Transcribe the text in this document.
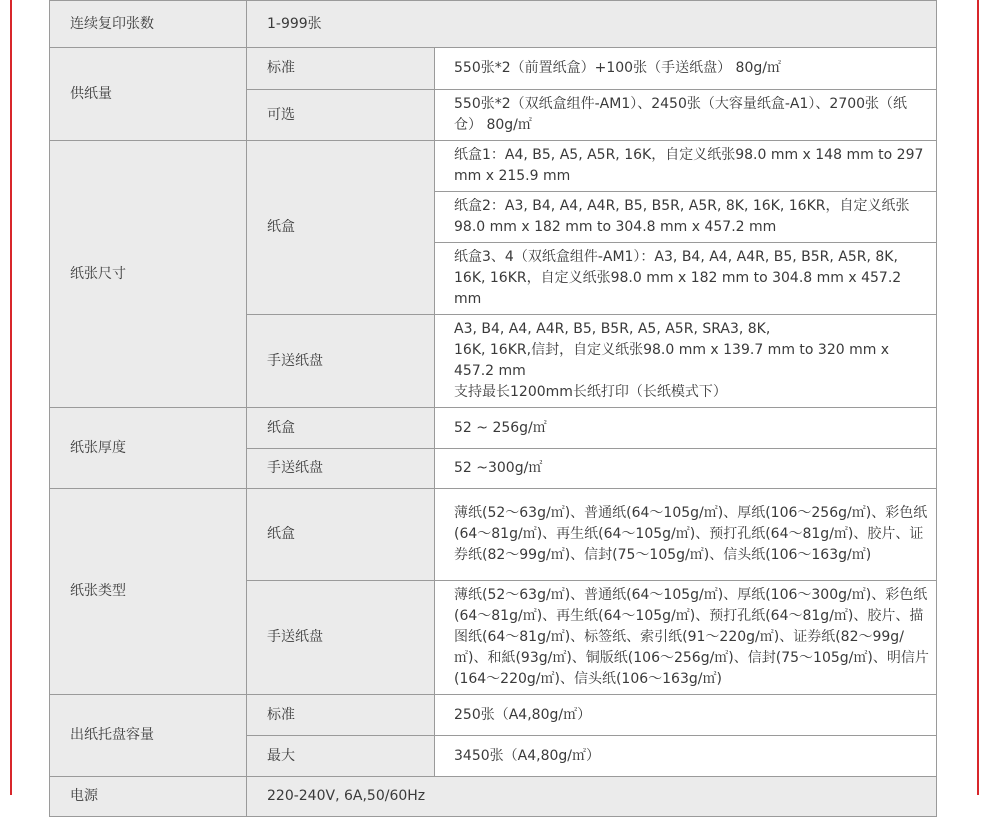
连续复印张数	1-999张	
供纸量	标准	550张*2（前置纸盒）+100张（手送纸盘） 80g/㎡
	可选	550张*2（双纸盒组件-AM1）、2450张（大容量纸盒-A1）、2700张（纸仓） 80g/㎡
纸张尺寸	纸盒	纸盒1：A4, B5, A5, A5R, 16K，自定义纸张98.0 mm x 148 mm to 297 mm x 215.9 mm
		纸盒2：A3, B4, A4, A4R, B5, B5R, A5R, 8K, 16K, 16KR，自定义纸张98.0 mm x 182 mm to 304.8 mm x 457.2 mm
		纸盒3、4（双纸盒组件-AM1）：A3, B4, A4, A4R, B5, B5R, A5R, 8K, 16K, 16KR，自定义纸张98.0 mm x 182 mm to 304.8 mm x 457.2 mm
	手送纸盘	A3, B4, A4, A4R, B5, B5R, A5, A5R, SRA3, 8K,
16K, 16KR,信封，自定义纸张98.0 mm x 139.7 mm to 320 mm x 457.2 mm
支持最长1200mm长纸打印（长纸模式下）

纸张厚度	纸盒	52 ~ 256g/㎡
	手送纸盘	52 ~300g/㎡
纸张类型	纸盒	薄纸(52～63g/㎡)、普通纸(64～105g/㎡)、厚纸(106～256g/㎡)、彩色纸(64～81g/㎡)、再生纸(64～105g/㎡)、预打孔纸(64～81g/㎡)、胶片、证券纸(82～99g/㎡)、信封(75～105g/㎡)、信头纸(106～163g/㎡)
	手送纸盘	薄纸(52～63g/㎡)、普通纸(64～105g/㎡)、厚纸(106～300g/㎡)、彩色纸(64～81g/㎡)、再生纸(64～105g/㎡)、预打孔纸(64～81g/㎡)、胶片、描图纸(64～81g/㎡)、标签纸、索引纸(91～220g/㎡)、证券纸(82～99g/㎡)、和紙(93g/㎡)、铜版纸(106～256g/㎡)、信封(75～105g/㎡)、明信片(164～220g/㎡)、信头纸(106～163g/㎡)
出纸托盘容量	标准	250张（A4,80g/㎡）
	最大	3450张（A4,80g/㎡）
电源	220-240V, 6A,50/60Hz	
